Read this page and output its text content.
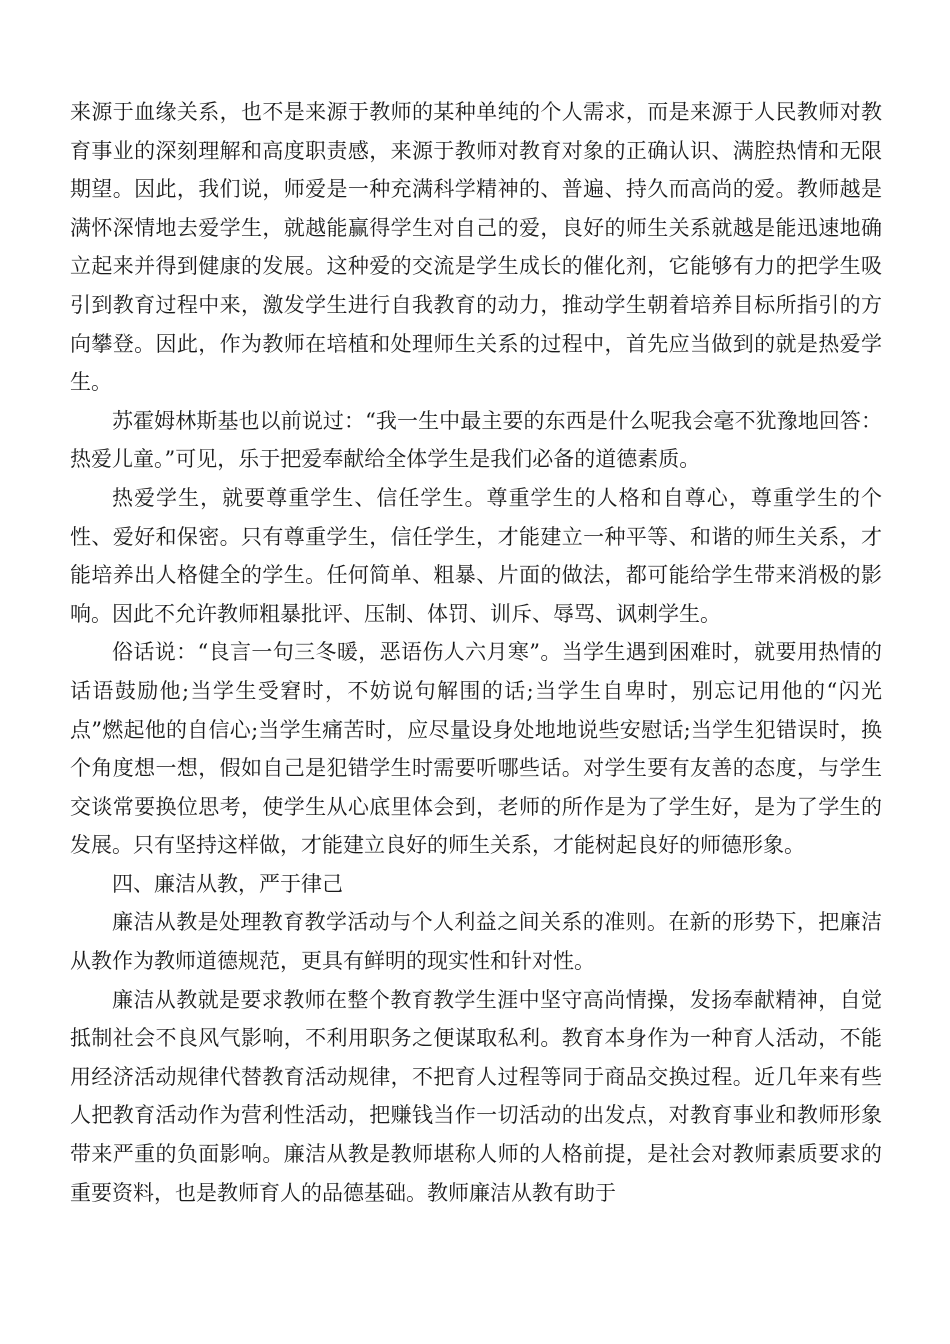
来源于血缘关系，也不是来源于教师的某种单纯的个人需求，而是来源于人民教师对教育事业的深刻理解和高度职责感，来源于教师对教育对象的正确认识、满腔热情和无限期望。因此，我们说，师爱是一种充满科学精神的、普遍、持久而高尚的爱。教师越是满怀深情地去爱学生，就越能赢得学生对自己的爱，良好的师生关系就越是能迅速地确立起来并得到健康的发展。这种爱的交流是学生成长的催化剂，它能够有力的把学生吸引到教育过程中来，激发学生进行自我教育的动力，推动学生朝着培养目标所指引的方向攀登。因此，作为教师在培植和处理师生关系的过程中，首先应当做到的就是热爱学生。

苏霍姆林斯基也以前说过：“我一生中最主要的东西是什么呢我会毫不犹豫地回答：热爱儿童。”可见，乐于把爱奉献给全体学生是我们必备的道德素质。

热爱学生，就要尊重学生、信任学生。尊重学生的人格和自尊心，尊重学生的个性、爱好和保密。只有尊重学生，信任学生，才能建立一种平等、和谐的师生关系，才能培养出人格健全的学生。任何简单、粗暴、片面的做法，都可能给学生带来消极的影响。因此不允许教师粗暴批评、压制、体罚、训斥、辱骂、讽刺学生。

俗话说：“良言一句三冬暖，恶语伤人六月寒”。当学生遇到困难时，就要用热情的话语鼓励他;当学生受窘时，不妨说句解围的话;当学生自卑时，别忘记用他的“闪光点”燃起他的自信心;当学生痛苦时，应尽量设身处地地说些安慰话;当学生犯错误时，换个角度想一想，假如自己是犯错学生时需要听哪些话。对学生要有友善的态度，与学生交谈常要换位思考，使学生从心底里体会到，老师的所作是为了学生好，是为了学生的发展。只有坚持这样做，才能建立良好的师生关系，才能树起良好的师德形象。

四、廉洁从教，严于律己

廉洁从教是处理教育教学活动与个人利益之间关系的准则。在新的形势下，把廉洁从教作为教师道德规范，更具有鲜明的现实性和针对性。

廉洁从教就是要求教师在整个教育教学生涯中坚守高尚情操，发扬奉献精神，自觉抵制社会不良风气影响，不利用职务之便谋取私利。教育本身作为一种育人活动，不能用经济活动规律代替教育活动规律，不把育人过程等同于商品交换过程。近几年来有些人把教育活动作为营利性活动，把赚钱当作一切活动的出发点，对教育事业和教师形象带来严重的负面影响。廉洁从教是教师堪称人师的人格前提，是社会对教师素质要求的重要资料，也是教师育人的品德基础。教师廉洁从教有助于
